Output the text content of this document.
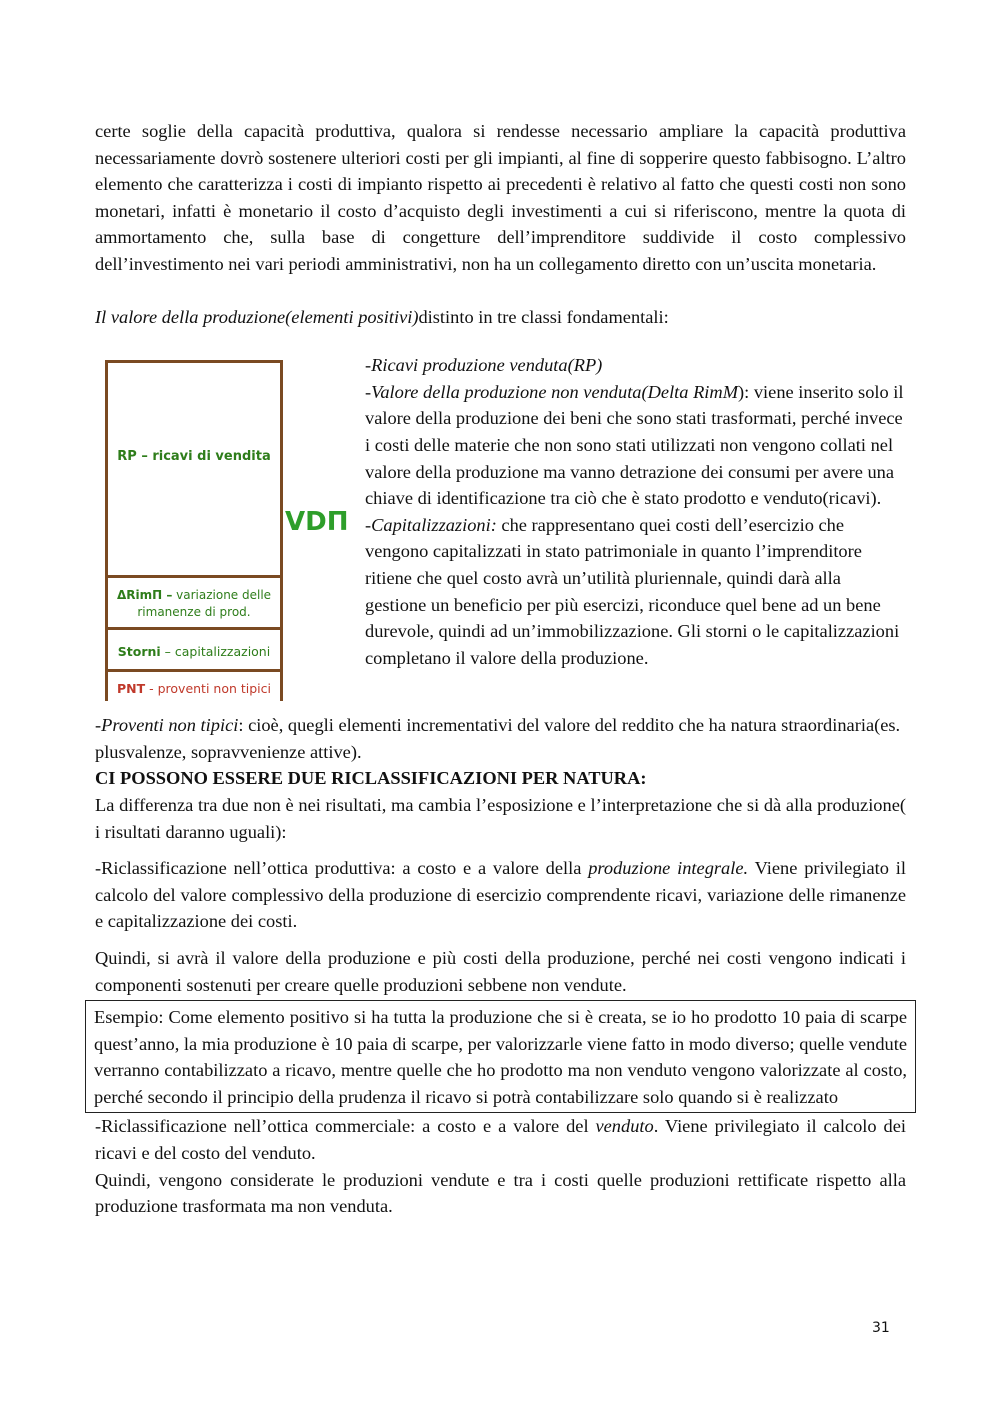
certe soglie della capacità produttiva, qualora si rendesse necessario ampliare la capacità produttiva necessariamente dovrò sostenere ulteriori costi per gli impianti, al fine di sopperire questo fabbisogno. L’altro elemento che caratterizza i costi di impianto rispetto ai precedenti è relativo al fatto che questi costi non sono monetari, infatti è monetario il costo d’acquisto degli investimenti a cui si riferiscono, mentre la quota di ammortamento che, sulla base di congetture dell’imprenditore suddivide il costo complessivo dell’investimento nei vari periodi amministrativi, non ha un collegamento diretto con un’uscita monetaria.

Il valore della produzione(elementi positivi)distinto in tre classi fondamentali:

RP – ricavi di vendita
ΔRimΠ – variazione delle rimanenze di prod.
Storni – capitalizzazioni
PNT - proventi non tipici
VDΠ

-Ricavi produzione venduta(RP)

-Valore della produzione non venduta(Delta RimM): viene inserito solo il valore della produzione dei beni che sono stati trasformati, perché invece i costi delle materie che non sono stati utilizzati non vengono collati nel valore della produzione ma vanno detrazione dei consumi per avere una chiave di identificazione tra ciò che è stato prodotto e venduto(ricavi).

-Capitalizzazioni: che rappresentano quei costi dell’esercizio che vengono capitalizzati in stato patrimoniale in quanto l’imprenditore ritiene che quel costo avrà un’utilità pluriennale, quindi darà alla gestione un beneficio per più esercizi, riconduce quel bene ad un bene durevole, quindi ad un’immobilizzazione. Gli storni o le capitalizzazioni completano il valore della produzione.

-Proventi non tipici: cioè, quegli elementi incrementativi del valore del reddito che ha natura straordinaria(es. plusvalenze, sopravvenienze attive).

CI POSSONO ESSERE DUE RICLASSIFICAZIONI PER NATURA:

La differenza tra due non è nei risultati, ma cambia l’esposizione e l’interpretazione che si dà alla produzione( i risultati daranno uguali):

-Riclassificazione nell’ottica produttiva: a costo e a valore della produzione integrale. Viene privilegiato il calcolo del valore complessivo della produzione di esercizio comprendente ricavi, variazione delle rimanenze e capitalizzazione dei costi.

Quindi, si avrà il valore della produzione e più costi della produzione, perché nei costi vengono indicati i componenti sostenuti per creare quelle produzioni sebbene non vendute.

Esempio: Come elemento positivo si ha tutta la produzione che si è creata, se io ho prodotto 10 paia di scarpe quest’anno, la mia produzione è 10 paia di scarpe, per valorizzarle viene fatto in modo diverso; quelle vendute verranno contabilizzato a ricavo, mentre quelle che ho prodotto ma non venduto vengono valorizzate al costo, perché secondo il principio della prudenza il ricavo si potrà contabilizzare solo quando si è realizzato

-Riclassificazione nell’ottica commerciale: a costo e a valore del venduto. Viene privilegiato il calcolo dei ricavi e del costo del venduto.

Quindi, vengono considerate le produzioni vendute e tra i costi quelle produzioni rettificate rispetto alla produzione trasformata ma non venduta.

31
